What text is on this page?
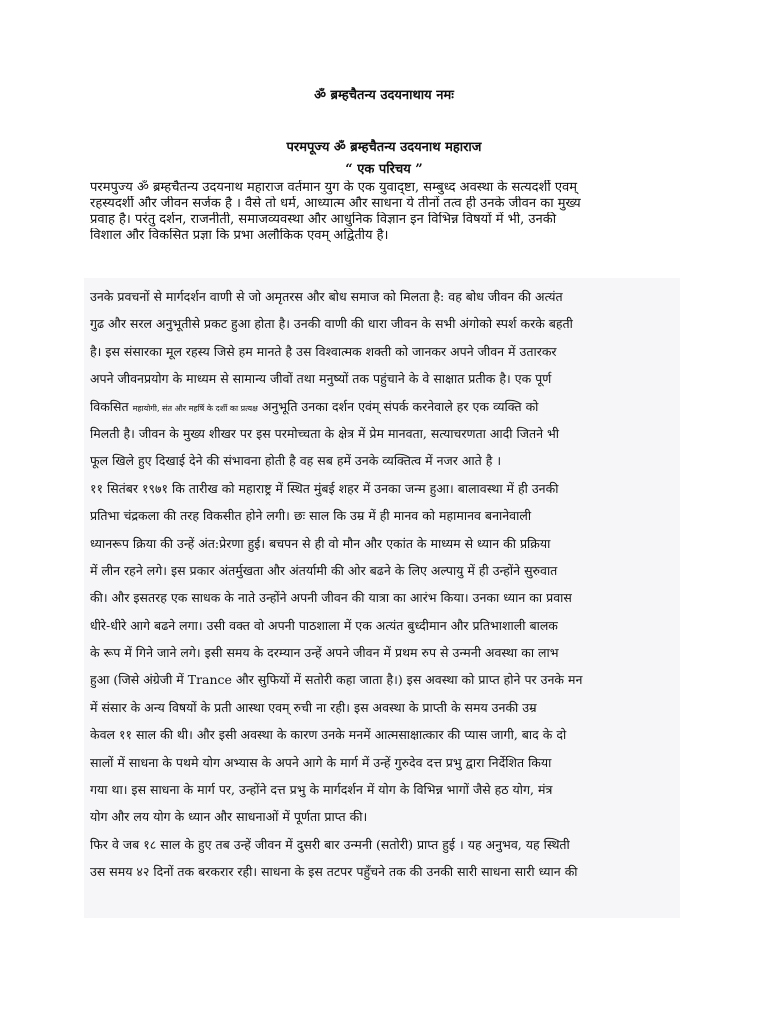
ॐ ब्रम्हचैतन्य उदयनाथाय नमः
परमपूज्य ॐ ब्रम्हचैतन्य उदयनाथ महाराज
“ एक परिचय ”
परमपुज्य ॐ ब्रम्हचैतन्य उदयनाथ महाराज वर्तमान युग के एक युवाद्ष्टा, सम्बुध्द अवस्था के सत्यदर्शी एवम्
रहस्यदर्शी और जीवन सर्जक है । वैसे तो धर्म, आध्यात्म और साधना ये तीनों तत्व ही उनके जीवन का मुख्य
प्रवाह है। परंतु दर्शन, राजनीती, समाजव्यवस्था और आधुनिक विज्ञान इन विभिन्न विषयों में भी, उनकी
विशाल और विकसित प्रज्ञा कि प्रभा अलौकिक एवम् अद्वितीय है।
उनके प्रवचनों से मार्गदर्शन वाणी से जो अमृतरस और बोध समाज को मिलता है: वह बोध जीवन की अत्यंत
गुढ और सरल अनुभूतीसे प्रकट हुआ होता है। उनकी वाणी की धारा जीवन के सभी अंगोको स्पर्श करके बहती
है। इस संसारका मूल रहस्य जिसे हम मानते है उस विश्वात्मक शक्ती को जानकर अपने जीवन में उतारकर
अपने जीवनप्रयोग के माध्यम से सामान्य जीवों तथा मनुष्यों तक पहुंचाने के वे साक्षात प्रतीक है। एक पूर्ण
विकसित महायोगी, संत और महर्षि के दर्शी का प्रत्यक्ष अनुभूति उनका दर्शन एवंम् संपर्क करनेवाले हर एक व्यक्ति को
मिलती है। जीवन के मुख्य शीखर पर इस परमोच्चता के क्षेत्र में प्रेम मानवता, सत्याचरणता आदी जितने भी
फूल खिले हुए दिखाई देने की संभावना होती है वह सब हमें उनके व्यक्तित्व में नजर आते है ।
११ सितंबर १९७१ कि तारीख को महाराष्ट्र में स्थित मुंबई शहर में उनका जन्म हुआ। बालावस्था में ही उनकी
प्रतिभा चंद्रकला की तरह विकसीत होने लगी। छः साल कि उम्र में ही मानव को महामानव बनानेवाली
ध्यानरूप क्रिया की उन्हें अंत:प्रेरणा हुई। बचपन से ही वो मौन और एकांत के माध्यम से ध्यान की प्रक्रिया
में लीन रहने लगे। इस प्रकार अंतर्मुखता और अंतर्यामी की ओर बढने के लिए अल्पायु में ही उन्होंने सुरुवात
की। और इसतरह एक साधक के नाते उन्होंने अपनी जीवन की यात्रा का आरंभ किया। उनका ध्यान का प्रवास
धीरे-धीरे आगे बढने लगा। उसी वक्त वो अपनी पाठशाला में एक अत्यंत बुध्दीमान और प्रतिभाशाली बालक
के रूप में गिने जाने लगे। इसी समय के दरम्यान उन्हें अपने जीवन में प्रथम रुप से उन्मनी अवस्था का लाभ
हुआ (जिसे अंग्रेजी में Trance और सुफियों में सतोरी कहा जाता है।) इस अवस्था को प्राप्त होने पर उनके मन
में संसार के अन्य विषयों के प्रती आस्था एवम् रुची ना रही। इस अवस्था के प्राप्ती के समय उनकी उम्र
केवल ११ साल की थी। और इसी अवस्था के कारण उनके मनमें आत्मसाक्षात्कार की प्यास जागी, बाद के दो
सालों में साधना के पथमे योग अभ्यास के अपने आगे के मार्ग में उन्हें गुरुदेव दत्त प्रभु द्वारा निर्देशित किया
गया था। इस साधना के मार्ग पर, उन्होंने दत्त प्रभु के मार्गदर्शन में योग के विभिन्न भागों जैसे हठ योग, मंत्र
योग और लय योग के ध्यान और साधनाओं में पूर्णता प्राप्त की।
फिर वे जब १८ साल के हुए तब उन्हें जीवन में दुसरी बार उन्मनी (सतोरी) प्राप्त हुई । यह अनुभव, यह स्थिती
उस समय ४२ दिनों तक बरकरार रही। साधना के इस तटपर पहुँचने तक की उनकी सारी साधना सारी ध्यान की
